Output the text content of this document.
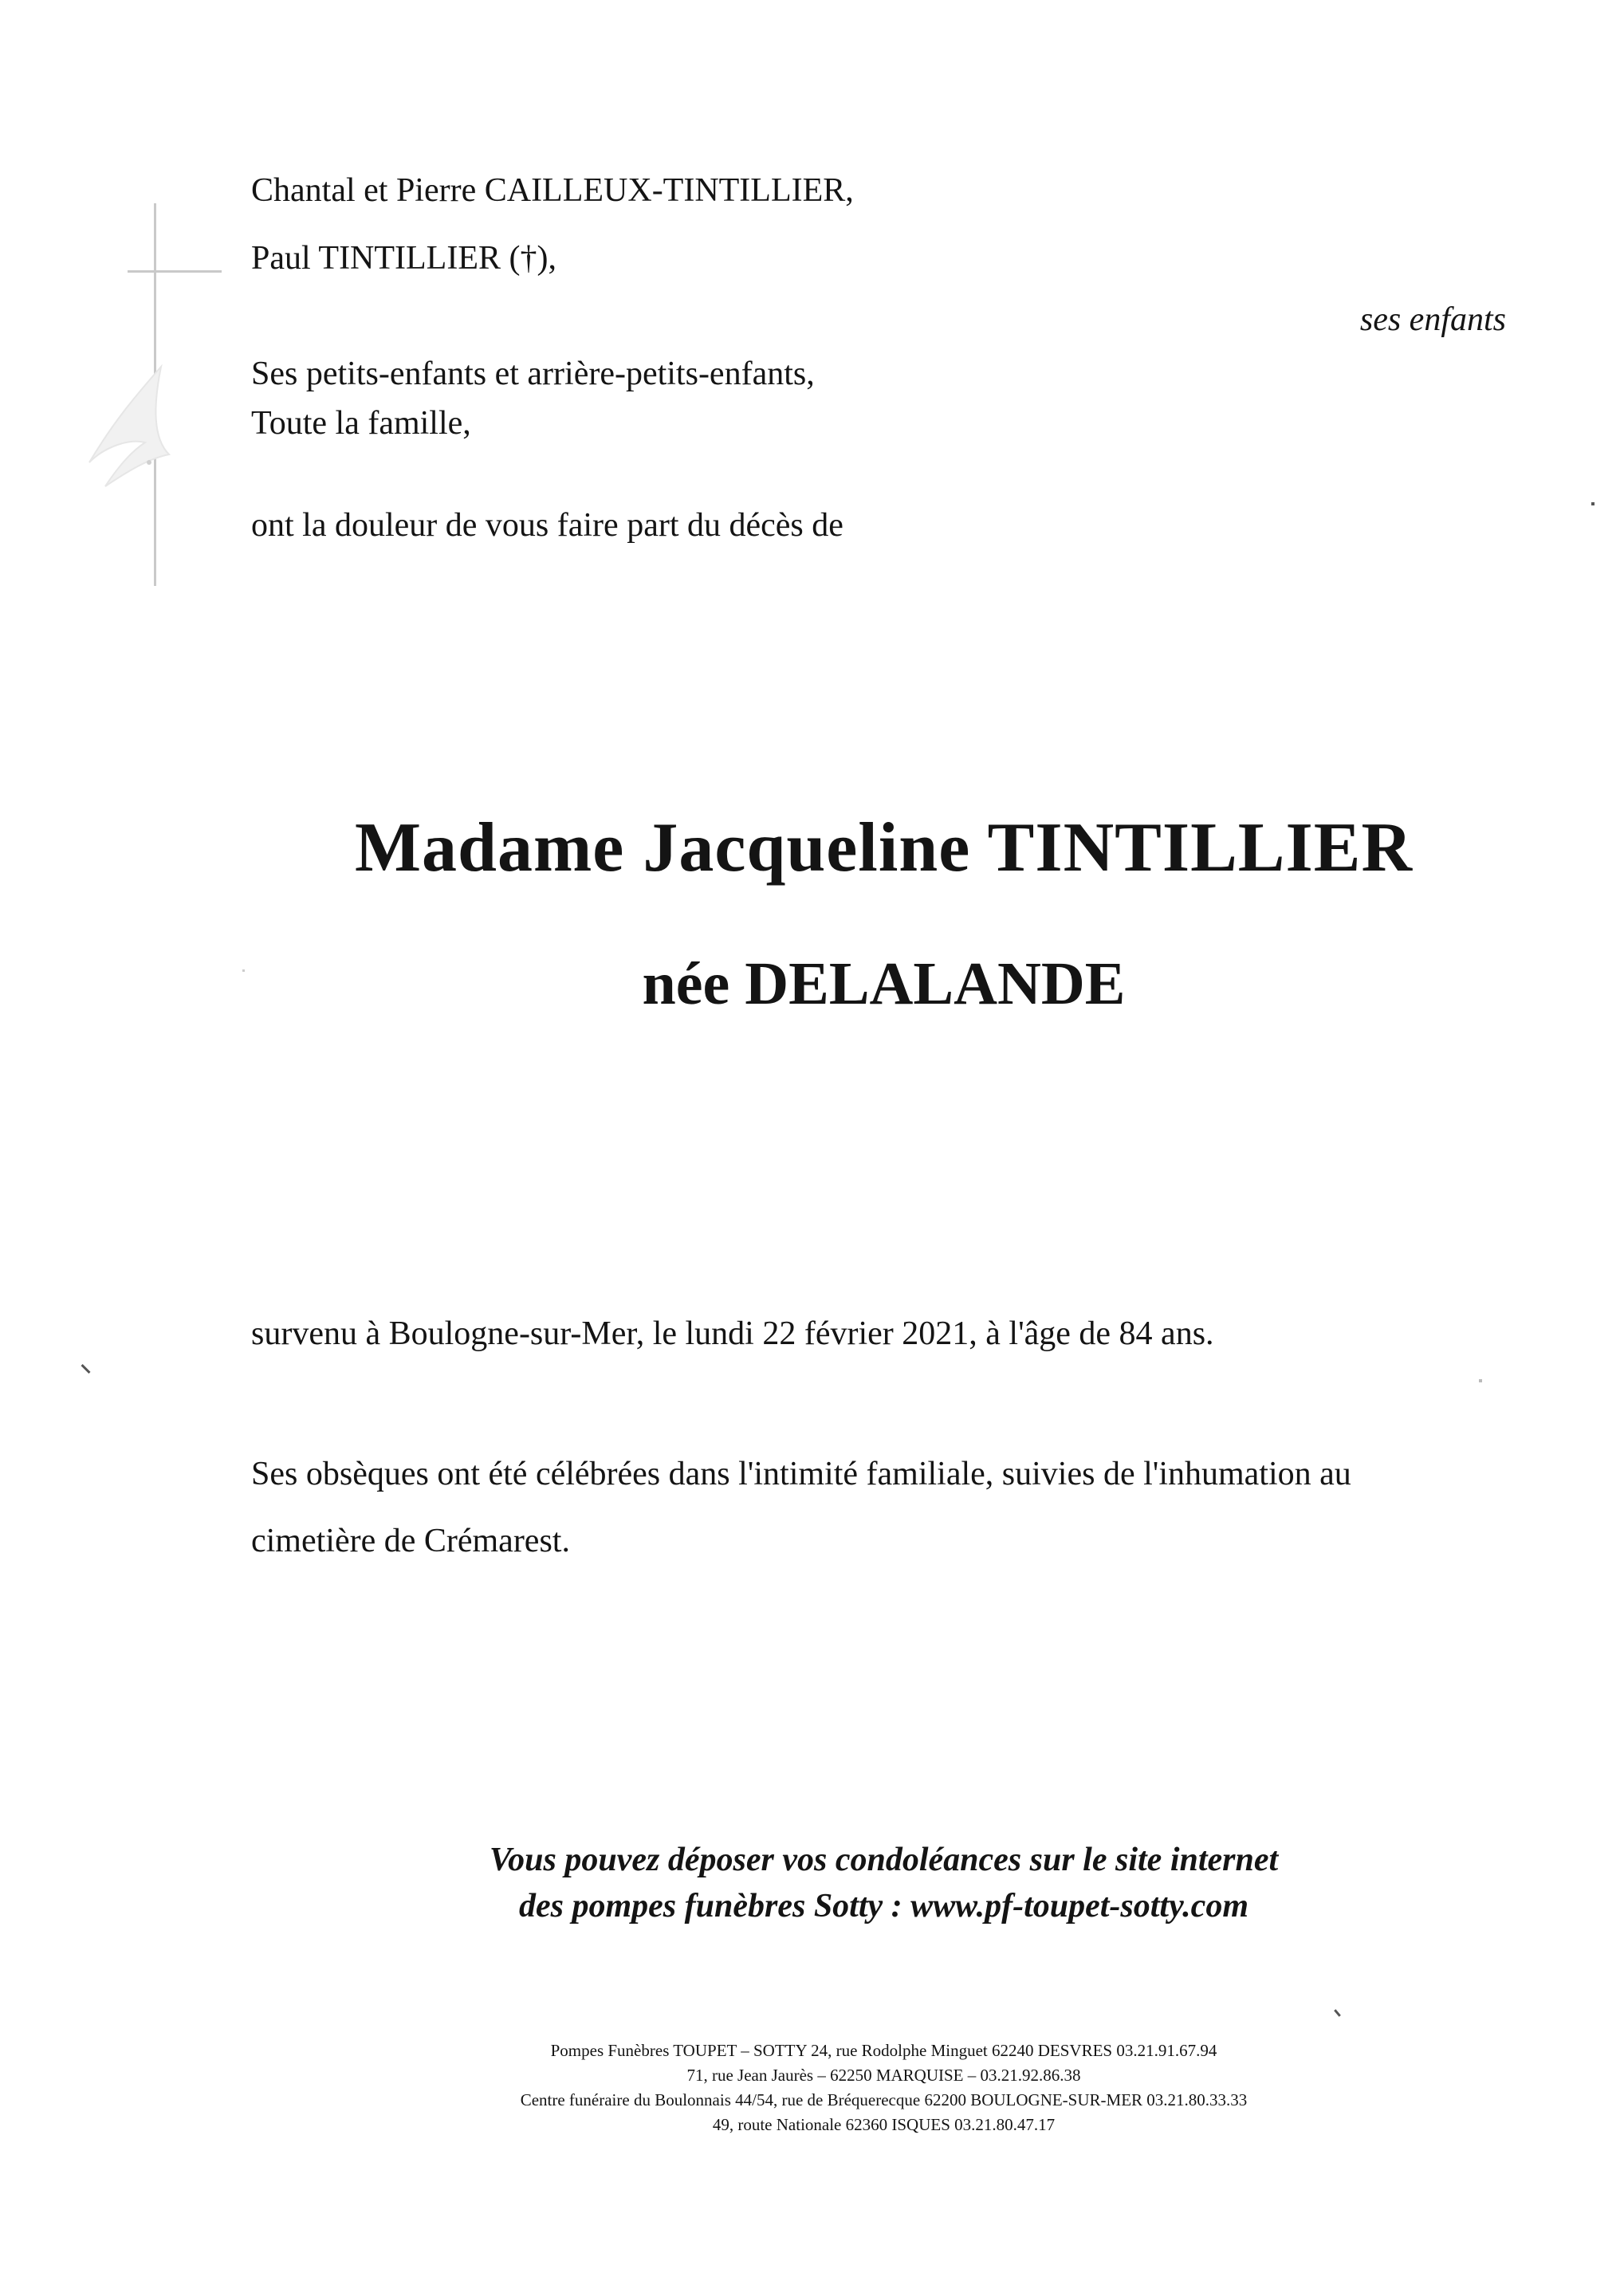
Chantal et Pierre CAILLEUX-TINTILLIER,
Paul TINTILLIER (†),
ses enfants
Ses petits-enfants et arrière-petits-enfants,
Toute la famille,
ont la douleur de vous faire part du décès de
Madame Jacqueline TINTILLIER
née DELALANDE
survenu à Boulogne-sur-Mer, le lundi 22 février 2021, à l'âge de 84 ans.
Ses obsèques ont été célébrées dans l'intimité familiale, suivies de l'inhumation au
cimetière de Crémarest.
Vous pouvez déposer vos condoléances sur le site internet
des pompes funèbres Sotty : www.pf-toupet-sotty.com
Pompes Funèbres TOUPET – SOTTY 24, rue Rodolphe Minguet 62240 DESVRES 03.21.91.67.94
71, rue Jean Jaurès – 62250 MARQUISE – 03.21.92.86.38
Centre funéraire du Boulonnais 44/54, rue de Bréquerecque 62200 BOULOGNE-SUR-MER 03.21.80.33.33
49, route Nationale 62360 ISQUES 03.21.80.47.17
